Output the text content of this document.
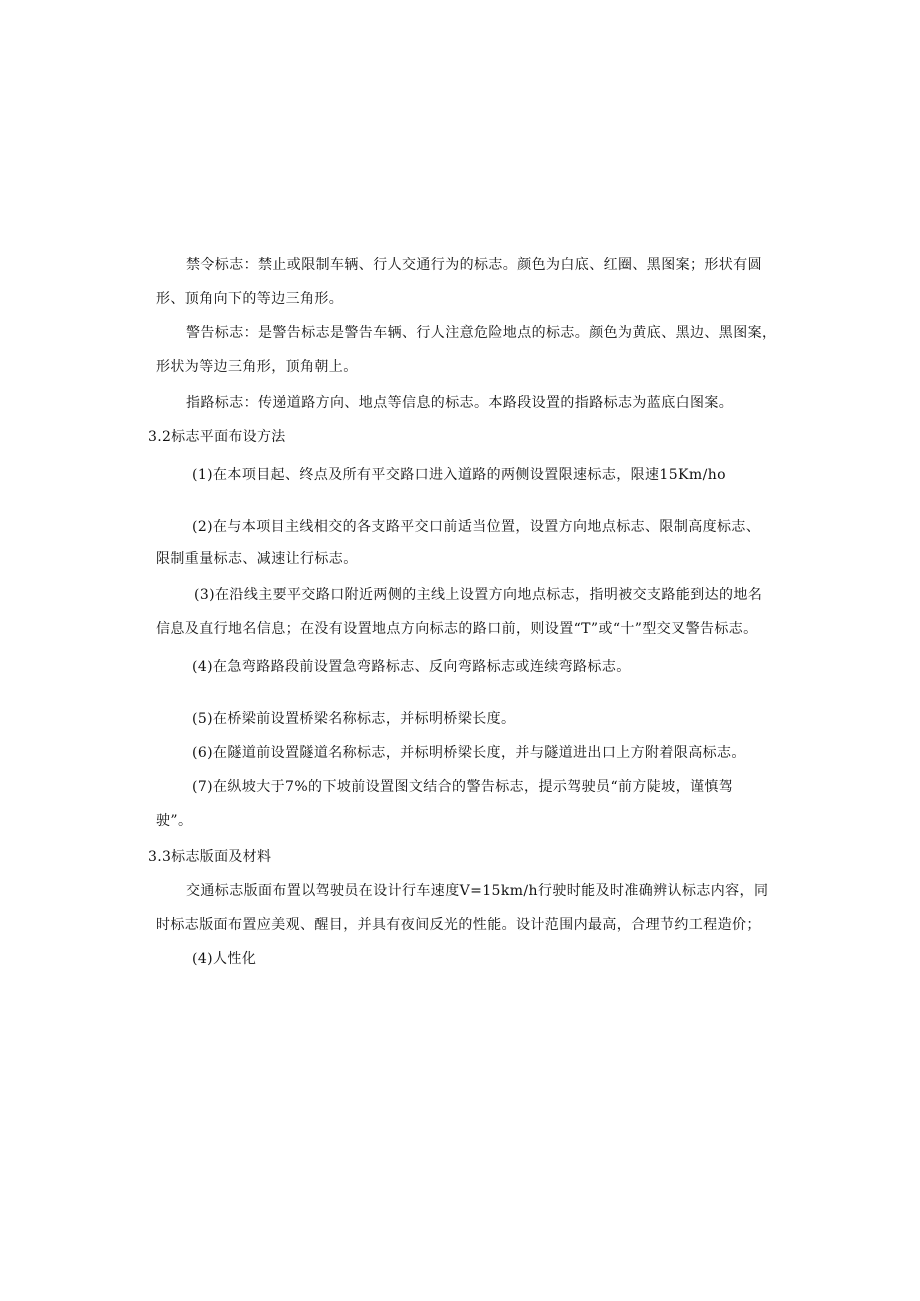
禁令标志：禁止或限制车辆、行人交通行为的标志。颜色为白底、红圈、黑图案；形状有圆
形、顶角向下的等边三角形。
警告标志：是警告标志是警告车辆、行人注意危险地点的标志。颜色为黄底、黑边、黑图案，
形状为等边三角形，顶角朝上。
指路标志：传递道路方向、地点等信息的标志。本路段设置的指路标志为蓝底白图案。
3.2标志平面布设方法
(1)在本项目起、终点及所有平交路口进入道路的两侧设置限速标志，限速15Km∕ho
(2)在与本项目主线相交的各支路平交口前适当位置，设置方向地点标志、限制高度标志、
限制重量标志、减速让行标志。
(3)在沿线主要平交路口附近两侧的主线上设置方向地点标志，指明被交支路能到达的地名
信息及直行地名信息；在没有设置地点方向标志的路口前，则设置“T”或“十”型交叉警告标志。
(4)在急弯路路段前设置急弯路标志、反向弯路标志或连续弯路标志。
(5)在桥梁前设置桥梁名称标志，并标明桥梁长度。
(6)在隧道前设置隧道名称标志，并标明桥梁长度，并与隧道进出口上方附着限高标志。
(7)在纵坡大于7%的下坡前设置图文结合的警告标志，提示驾驶员“前方陡坡，谨慎驾
驶”。
3.3标志版面及材料
交通标志版面布置以驾驶员在设计行车速度V=15km∕h行驶时能及时准确辨认标志内容，同
时标志版面布置应美观、醒目，并具有夜间反光的性能。设计范围内最高，合理节约工程造价；
(4)人性化
